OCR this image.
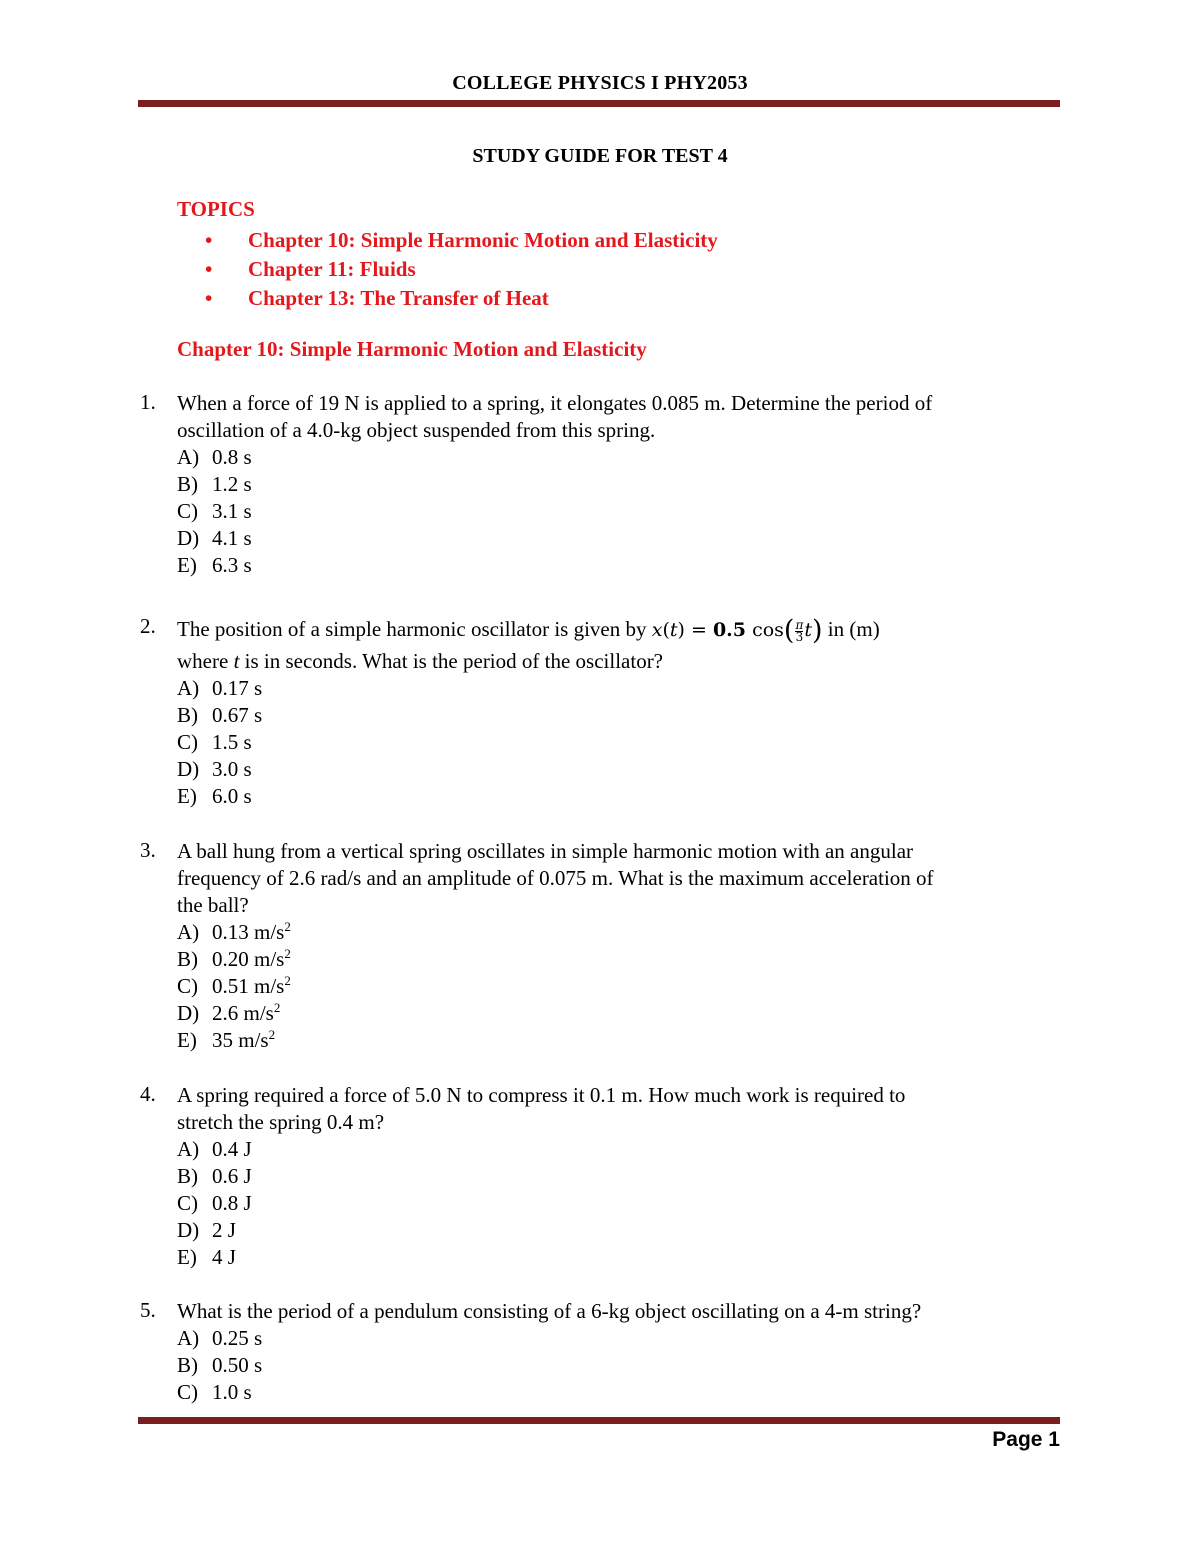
COLLEGE PHYSICS I PHY2053
STUDY GUIDE FOR TEST 4
TOPICS
• Chapter 10: Simple Harmonic Motion and Elasticity
• Chapter 11: Fluids
• Chapter 13: The Transfer of Heat
Chapter 10: Simple Harmonic Motion and Elasticity
1.	When a force of 19 N is applied to a spring, it elongates 0.085 m. Determine the period of
oscillation of a 4.0-kg object suspended from this spring.
A) 0.8 s
B) 1.2 s
C) 3.1 s
D) 4.1 s
E) 6.3 s
2.	The position of a simple harmonic oscillator is given by x(t) = 0.5 $\cos( \frac{\pi}{3} t)$ in (m)
where t is in seconds. What is the period of the oscillator?
A) 0.17 s
B) 0.67 s
C) 1.5 s
D) 3.0 s
E) 6.0 s
3.	A ball hung from a vertical spring oscillates in simple harmonic motion with an angular
frequency of 2.6 rad/s and an amplitude of 0.075 m. What is the maximum acceleration of
the ball?
A) 0.13 $m/s^2$
B) 0.20 $m/s^2$
C) 0.51 $m/s^2$
D) 2.6 $m/s^2$
E) 35 $m/s^2$
4.	A spring required a force of 5.0 N to compress it 0.1 m. How much work is required to
stretch the spring 0.4 m?
A) 0.4 J
B) 0.6 J
C) 0.8 J
D) 2 J
E) 4 J
5.	What is the period of a pendulum consisting of a 6-kg object oscillating on a 4-m string?
A) 0.25 s
B) 0.50 s
C) 1.0 s
Page 1
